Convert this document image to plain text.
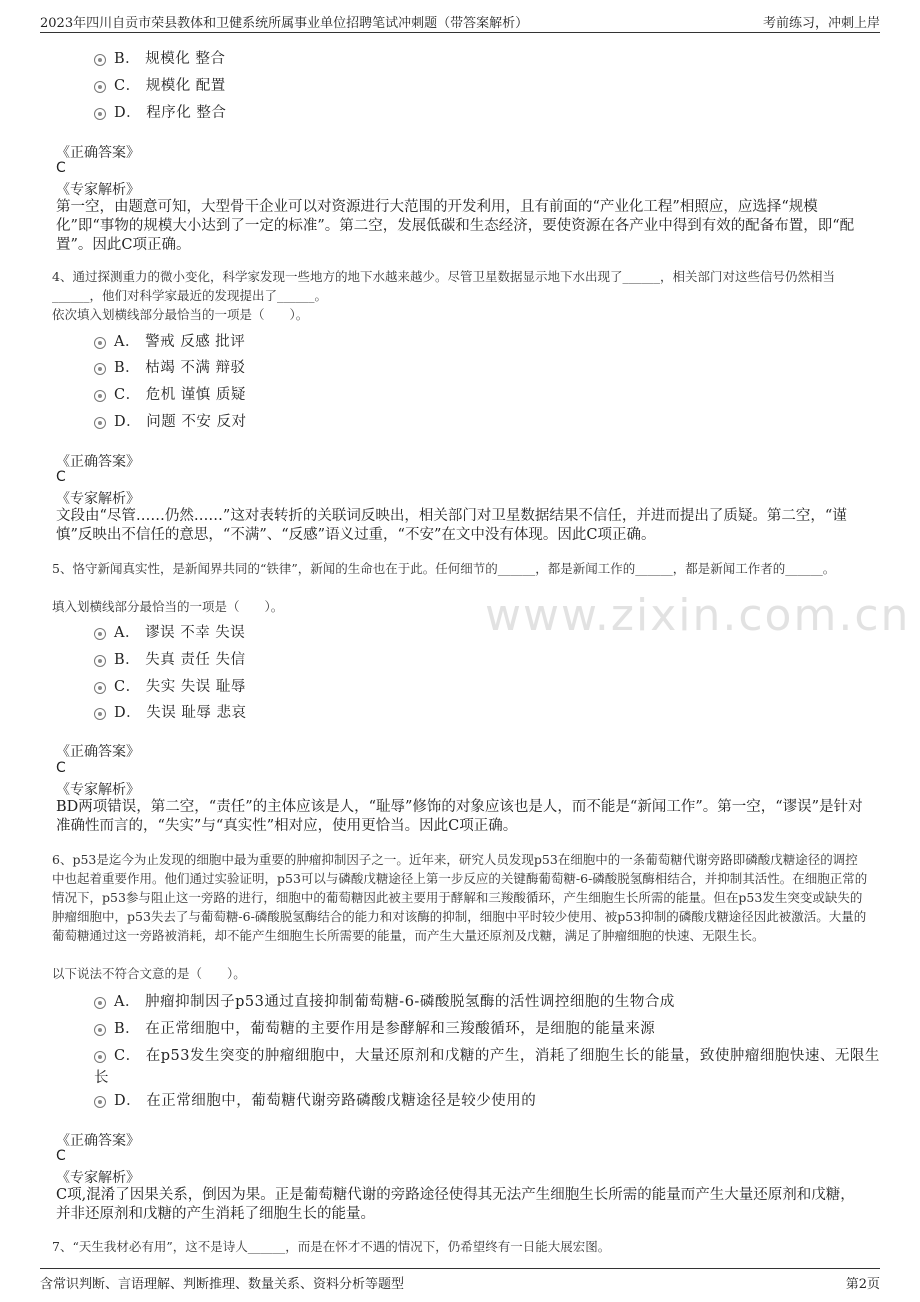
2023年四川自贡市荣县教体和卫健系统所属事业单位招聘笔试冲刺题（带答案解析）	考前练习，冲刺上岸
www.zixin.com.cn
B． 规模化 整合
C． 规模化 配置
D． 程序化 整合
《正确答案》
C
《专家解析》
第一空，由题意可知，大型骨干企业可以对资源进行大范围的开发利用，且有前面的“产业化工程”相照应，应选择“规模化”即“事物的规模大小达到了一定的标准”。第二空，发展低碳和生态经济，要使资源在各产业中得到有效的配备布置，即“配置”。因此C项正确。
4、通过探测重力的微小变化，科学家发现一些地方的地下水越来越少。尽管卫星数据显示地下水出现了______，相关部门对这些信号仍然相当______，他们对科学家最近的发现提出了______。
依次填入划横线部分最恰当的一项是（　　）。
A． 警戒 反感 批评
B． 枯竭 不满 辩驳
C． 危机 谨慎 质疑
D． 问题 不安 反对
《正确答案》
C
《专家解析》
文段由“尽管……仍然……”这对表转折的关联词反映出，相关部门对卫星数据结果不信任，并进而提出了质疑。第二空，“谨慎”反映出不信任的意思，“不满”、“反感”语义过重，“不安”在文中没有体现。因此C项正确。
5、恪守新闻真实性，是新闻界共同的“铁律”，新闻的生命也在于此。任何细节的______，都是新闻工作的______，都是新闻工作者的______。
填入划横线部分最恰当的一项是（　　）。
A． 谬误 不幸 失误
B． 失真 责任 失信
C． 失实 失误 耻辱
D． 失误 耻辱 悲哀
《正确答案》
C
《专家解析》
BD两项错误，第二空，“责任”的主体应该是人，“耻辱”修饰的对象应该也是人，而不能是“新闻工作”。第一空，“谬误”是针对准确性而言的，“失实”与“真实性”相对应，使用更恰当。因此C项正确。
6、p53是迄今为止发现的细胞中最为重要的肿瘤抑制因子之一。近年来，研究人员发现p53在细胞中的一条葡萄糖代谢旁路即磷酸戊糖途径的调控中也起着重要作用。他们通过实验证明，p53可以与磷酸戊糖途径上第一步反应的关键酶葡萄糖-6-磷酸脱氢酶相结合，并抑制其活性。在细胞正常的情况下，p53参与阻止这一旁路的进行，细胞中的葡萄糖因此被主要用于酵解和三羧酸循环，产生细胞生长所需的能量。但在p53发生突变或缺失的肿瘤细胞中，p53失去了与葡萄糖-6-磷酸脱氢酶结合的能力和对该酶的抑制，细胞中平时较少使用、被p53抑制的磷酸戊糖途径因此被激活。大量的葡萄糖通过这一旁路被消耗，却不能产生细胞生长所需要的能量，而产生大量还原剂及戊糖，满足了肿瘤细胞的快速、无限生长。
以下说法不符合文意的是（　　）。
A． 肿瘤抑制因子p53通过直接抑制葡萄糖-6-磷酸脱氢酶的活性调控细胞的生物合成
B． 在正常细胞中，葡萄糖的主要作用是参酵解和三羧酸循环，是细胞的能量来源
C． 在p53发生突变的肿瘤细胞中，大量还原剂和戊糖的产生，消耗了细胞生长的能量，致使肿瘤细胞快速、无限生
长
D． 在正常细胞中，葡萄糖代谢旁路磷酸戊糖途径是较少使用的
《正确答案》
C
《专家解析》
C项,混淆了因果关系，倒因为果。正是葡萄糖代谢的旁路途径使得其无法产生细胞生长所需的能量而产生大量还原剂和戊糖，并非还原剂和戊糖的产生消耗了细胞生长的能量。
7、“天生我材必有用”，这不是诗人______，而是在怀才不遇的情况下，仍希望终有一日能大展宏图。
含常识判断、言语理解、判断推理、数量关系、资料分析等题型	第2页
